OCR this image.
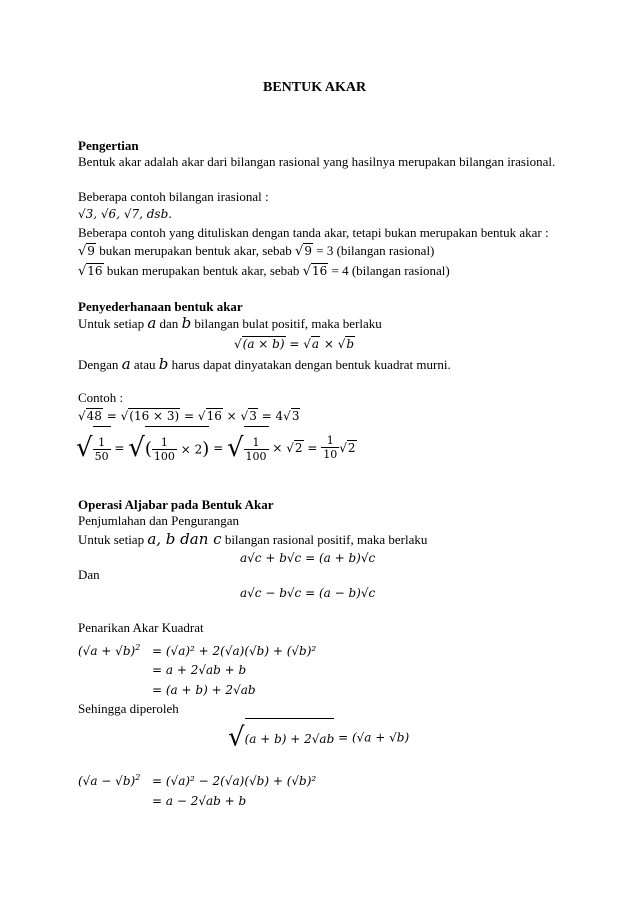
BENTUK AKAR
Pengertian
Bentuk akar adalah akar dari bilangan rasional yang hasilnya merupakan bilangan irasional.
Beberapa contoh bilangan irasional :
√3, √6, √7, dsb.
Beberapa contoh yang dituliskan dengan tanda akar, tetapi bukan merupakan bentuk akar :
√9 bukan merupakan bentuk akar, sebab √9 = 3 (bilangan rasional)
√16 bukan merupakan bentuk akar, sebab √16 = 4 (bilangan rasional)
Penyederhanaan bentuk akar
Untuk setiap a dan b bilangan bulat positif, maka berlaku
√(a × b) = √a × √b
Dengan a atau b harus dapat dinyatakan dengan bentuk kuadrat murni.
Contoh :
√48 = √(16 × 3) = √16 × √3 = 4√3
√ $\frac{1}{50}$ = √( $\frac{1}{100} \times 2$) = √ $\frac{1}{100} \times √2 = \frac{1}{10} √2$
Operasi Aljabar pada Bentuk Akar
Penjumlahan dan Pengurangan
Untuk setiap a, b dan c bilangan rasional positif, maka berlaku
a√c + b√c = (a + b)√c
Dan
a√c − b√c = (a − b)√c
Penarikan Akar Kuadrat
$(√a + √b)^2 = (√a)^2 + 2(√a)(√b) + (√b)^2$
= a + 2√ab + b
= (a + b) + 2√ab
Sehingga diperoleh
√(a + b) + 2√ab = (√a + √b)
$(√a - √b)^2 = (√a)^2 - 2(√a)(√b) + (√b)^2$
= a − 2√ab + b
